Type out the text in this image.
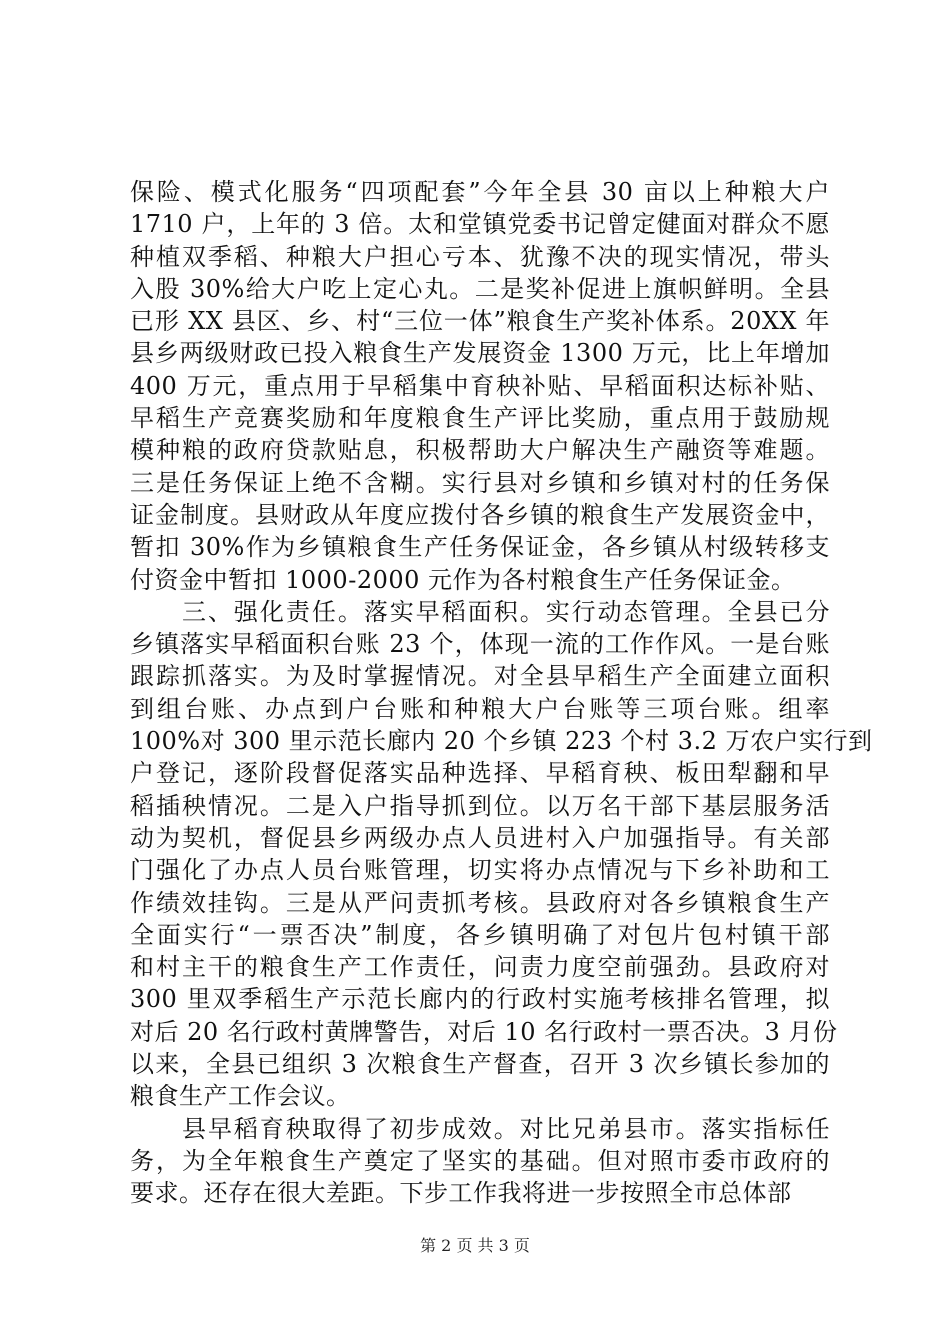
保险、模式化服务“四项配套”今年全县 30 亩以上种粮大户
1710 户，上年的 3 倍。太和堂镇党委书记曾定健面对群众不愿
种植双季稻、种粮大户担心亏本、犹豫不决的现实情况，带头
入股 30%给大户吃上定心丸。二是奖补促进上旗帜鲜明。全县
已形 XX 县区、乡、村“三位一体”粮食生产奖补体系。20XX 年
县乡两级财政已投入粮食生产发展资金 1300 万元，比上年增加
400 万元，重点用于早稻集中育秧补贴、早稻面积达标补贴、
早稻生产竞赛奖励和年度粮食生产评比奖励，重点用于鼓励规
模种粮的政府贷款贴息，积极帮助大户解决生产融资等难题。
三是任务保证上绝不含糊。实行县对乡镇和乡镇对村的任务保
证金制度。县财政从年度应拨付各乡镇的粮食生产发展资金中，
暂扣 30%作为乡镇粮食生产任务保证金，各乡镇从村级转移支
付资金中暂扣 1000-2000 元作为各村粮食生产任务保证金。
　　三、强化责任。落实早稻面积。实行动态管理。全县已分
乡镇落实早稻面积台账 23 个，体现一流的工作作风。一是台账
跟踪抓落实。为及时掌握情况。对全县早稻生产全面建立面积
到组台账、办点到户台账和种粮大户台账等三项台账。组率
100%对 300 里示范长廊内 20 个乡镇 223 个村 3.2 万农户实行到
户登记，逐阶段督促落实品种选择、早稻育秧、板田犁翻和早
稻插秧情况。二是入户指导抓到位。以万名干部下基层服务活
动为契机，督促县乡两级办点人员进村入户加强指导。有关部
门强化了办点人员台账管理，切实将办点情况与下乡补助和工
作绩效挂钩。三是从严问责抓考核。县政府对各乡镇粮食生产
全面实行“一票否决”制度，各乡镇明确了对包片包村镇干部
和村主干的粮食生产工作责任，问责力度空前强劲。县政府对
300 里双季稻生产示范长廊内的行政村实施考核排名管理，拟
对后 20 名行政村黄牌警告，对后 10 名行政村一票否决。3 月份
以来，全县已组织 3 次粮食生产督查，召开 3 次乡镇长参加的
粮食生产工作会议。
　　县早稻育秧取得了初步成效。对比兄弟县市。落实指标任
务，为全年粮食生产奠定了坚实的基础。但对照市委市政府的
要求。还存在很大差距。下步工作我将进一步按照全市总体部
第 2 页 共 3 页
